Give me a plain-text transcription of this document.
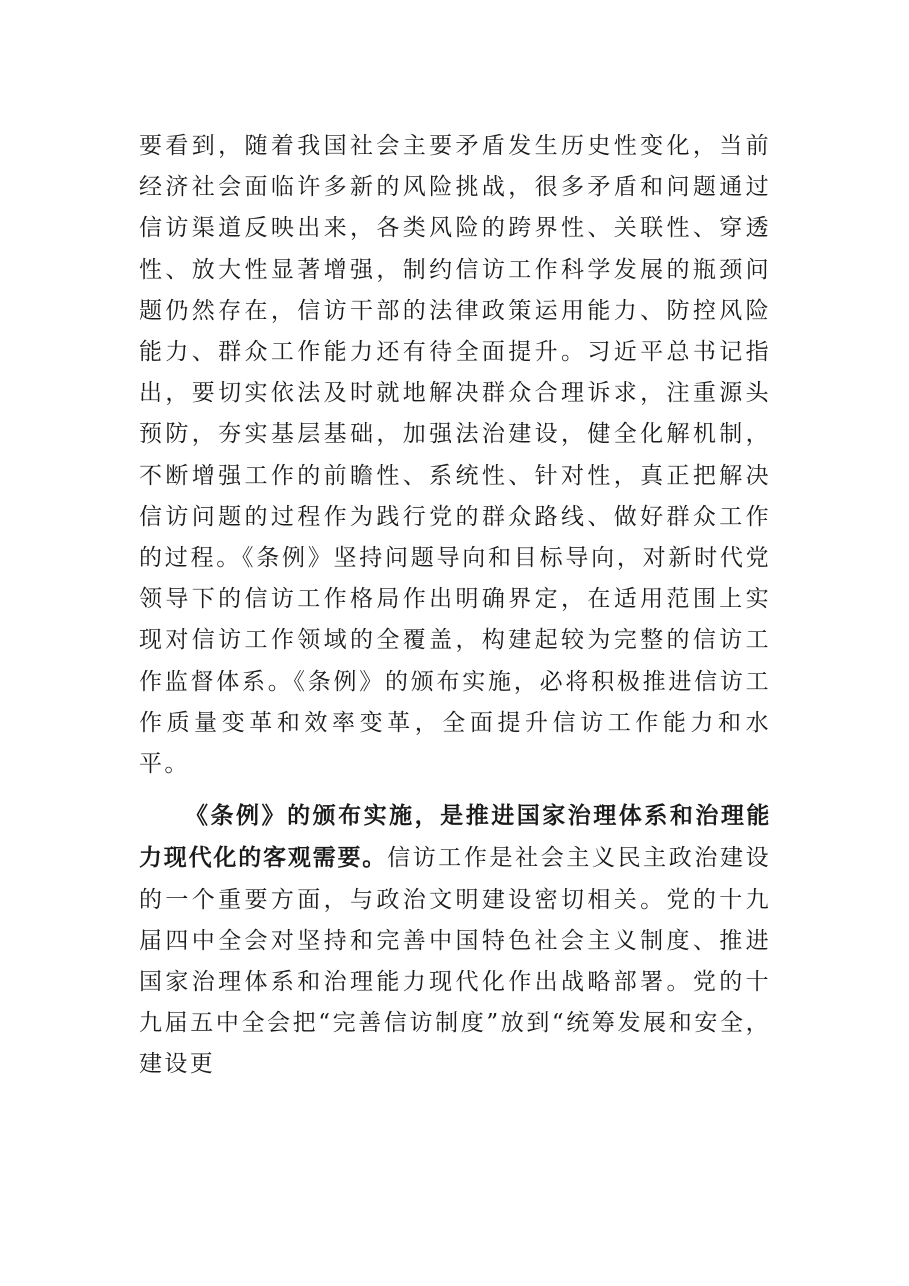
要看到，随着我国社会主要矛盾发生历史性变化，当前经济社会面临许多新的风险挑战，很多矛盾和问题通过信访渠道反映出来，各类风险的跨界性、关联性、穿透性、放大性显著增强，制约信访工作科学发展的瓶颈问题仍然存在，信访干部的法律政策运用能力、防控风险能力、群众工作能力还有待全面提升。习近平总书记指出，要切实依法及时就地解决群众合理诉求，注重源头预防，夯实基层基础，加强法治建设，健全化解机制，不断增强工作的前瞻性、系统性、针对性，真正把解决信访问题的过程作为践行党的群众路线、做好群众工作的过程。《条例》坚持问题导向和目标导向，对新时代党领导下的信访工作格局作出明确界定，在适用范围上实现对信访工作领域的全覆盖，构建起较为完整的信访工作监督体系。《条例》的颁布实施，必将积极推进信访工作质量变革和效率变革，全面提升信访工作能力和水平。

《条例》的颁布实施，是推进国家治理体系和治理能力现代化的客观需要。信访工作是社会主义民主政治建设的一个重要方面，与政治文明建设密切相关。党的十九届四中全会对坚持和完善中国特色社会主义制度、推进国家治理体系和治理能力现代化作出战略部署。党的十九届五中全会把“完善信访制度”放到“统筹发展和安全，建设更
